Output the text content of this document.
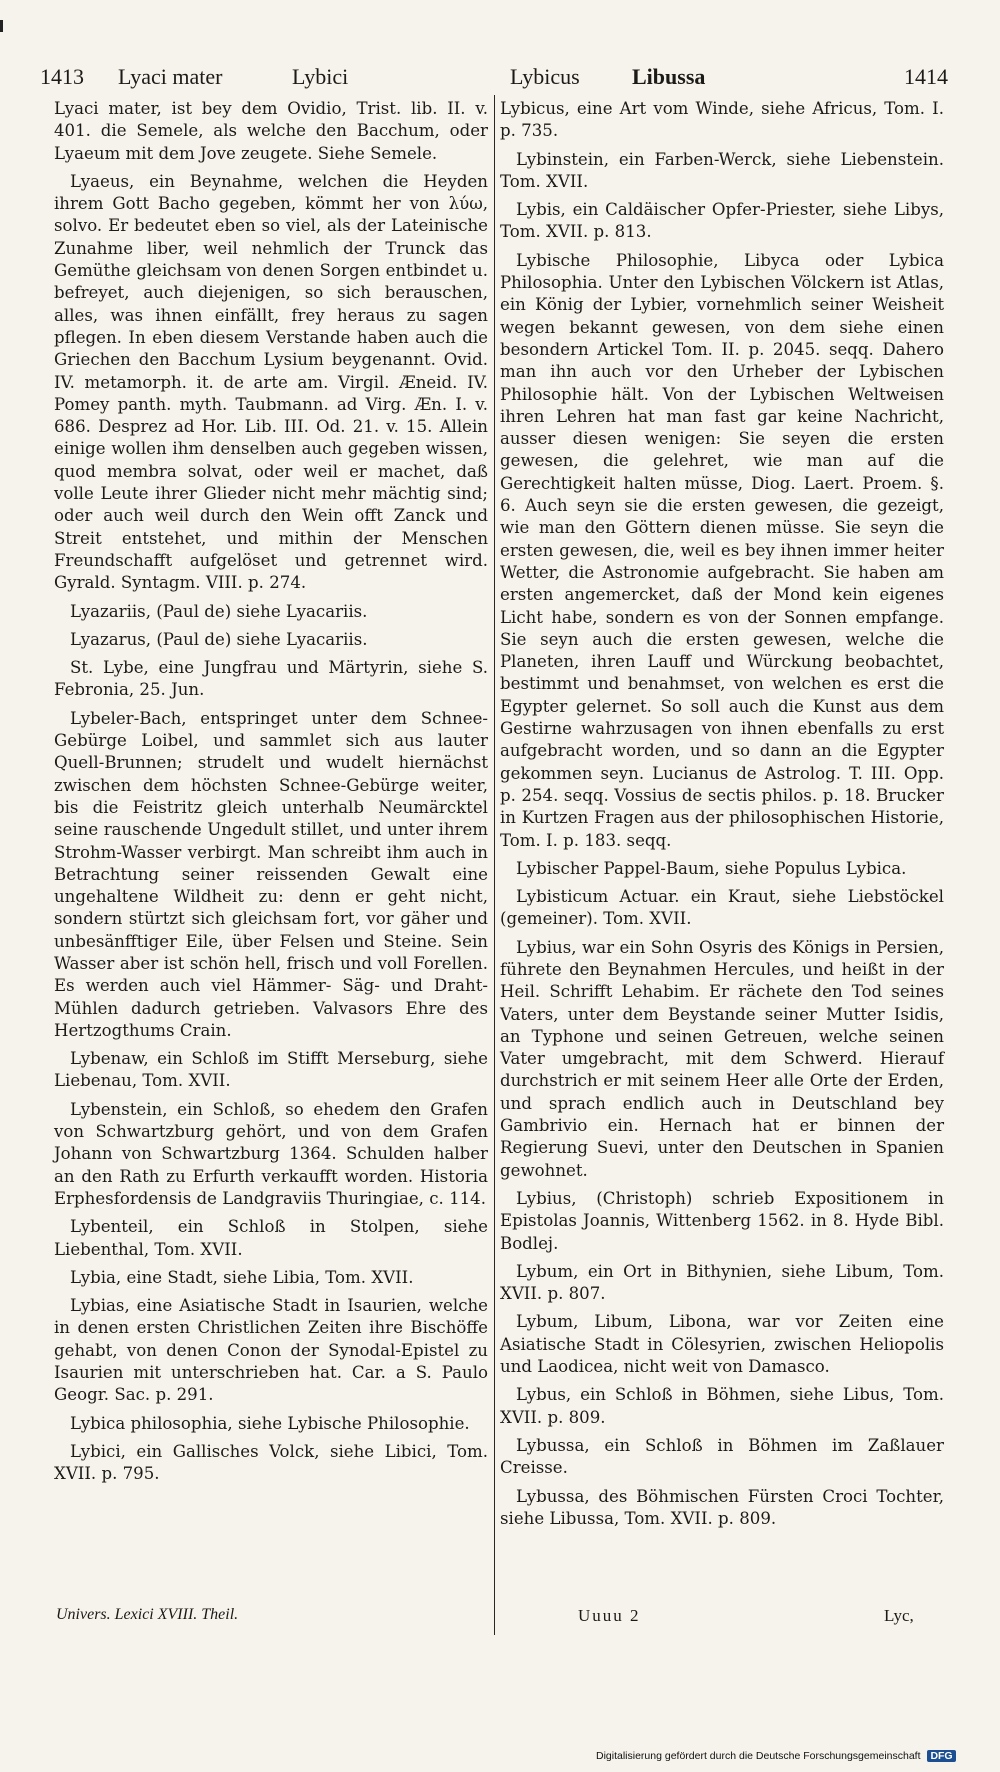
1413 Lyaci mater	Lybici	Lybicus Libussa	1414

Lyaci mater, ist bey dem Ovidio, Trist. lib. II. v. 401. die Semele, als welche den Bacchum, oder Lyaeum mit dem Jove zeugete. Siehe Semele.

Lyaeus, ein Beynahme, welchen die Heyden ihrem Gott Bacho gegeben, kömmt her von λύω, solvo. Er bedeutet eben so viel, als der Lateinische Zunahme liber, weil nehmlich der Trunck das Gemüthe gleichsam von denen Sorgen entbindet u. befreyet, auch diejenigen, so sich berauschen, alles, was ihnen einfällt, frey heraus zu sagen pflegen. In eben diesem Verstande haben auch die Griechen den Bacchum Lysium beygenannt. Ovid. IV. metamorph. it. de arte am. Virgil. Æneid. IV. Pomey panth. myth. Taubmann. ad Virg. Æn. I. v. 686. Desprez ad Hor. Lib. III. Od. 21. v. 15. Allein einige wollen ihm denselben auch gegeben wissen, quod membra solvat, oder weil er machet, daß volle Leute ihrer Glieder nicht mehr mächtig sind; oder auch weil durch den Wein offt Zanck und Streit entstehet, und mithin der Menschen Freundschafft aufgelöset und getrennet wird. Gyrald. Syntagm. VIII. p. 274.

Lyazariis, (Paul de) siehe Lyacariis.

Lyazarus, (Paul de) siehe Lyacariis.

St. Lybe, eine Jungfrau und Märtyrin, siehe S. Febronia, 25. Jun.

Lybeler-Bach, entspringet unter dem Schnee-Gebürge Loibel, und sammlet sich aus lauter Quell-Brunnen; strudelt und wudelt hiernächst zwischen dem höchsten Schnee-Gebürge weiter, bis die Feistritz gleich unterhalb Neumärcktel seine rauschende Ungedult stillet, und unter ihrem Strohm-Wasser verbirgt. Man schreibt ihm auch in Betrachtung seiner reissenden Gewalt eine ungehaltene Wildheit zu: denn er geht nicht, sondern stürtzt sich gleichsam fort, vor gäher und unbesänfftiger Eile, über Felsen und Steine. Sein Wasser aber ist schön hell, frisch und voll Forellen. Es werden auch viel Hämmer- Säg- und Draht-Mühlen dadurch getrieben. Valvasors Ehre des Hertzogthums Crain.

Lybenaw, ein Schloß im Stifft Merseburg, siehe Liebenau, Tom. XVII.

Lybenstein, ein Schloß, so ehedem den Grafen von Schwartzburg gehört, und von dem Grafen Johann von Schwartzburg 1364. Schulden halber an den Rath zu Erfurth verkaufft worden. Historia Erphesfordensis de Landgraviis Thuringiae, c. 114.

Lybenteil, ein Schloß in Stolpen, siehe Liebenthal, Tom. XVII.

Lybia, eine Stadt, siehe Libia, Tom. XVII.

Lybias, eine Asiatische Stadt in Isaurien, welche in denen ersten Christlichen Zeiten ihre Bischöffe gehabt, von denen Conon der Synodal-Epistel zu Isaurien mit unterschrieben hat. Car. a S. Paulo Geogr. Sac. p. 291.

Lybica philosophia, siehe Lybische Philosophie.

Lybici, ein Gallisches Volck, siehe Libici, Tom. XVII. p. 795.

Lybicus, eine Art vom Winde, siehe Africus, Tom. I. p. 735.

Lybinstein, ein Farben-Werck, siehe Liebenstein. Tom. XVII.

Lybis, ein Caldäischer Opfer-Priester, siehe Libys, Tom. XVII. p. 813.

Lybische Philosophie, Libyca oder Lybica Philosophia. Unter den Lybischen Völckern ist Atlas, ein König der Lybier, vornehmlich seiner Weisheit wegen bekannt gewesen, von dem siehe einen besondern Artickel Tom. II. p. 2045. seqq. Dahero man ihn auch vor den Urheber der Lybischen Philosophie hält. Von der Lybischen Weltweisen ihren Lehren hat man fast gar keine Nachricht, ausser diesen wenigen: Sie seyen die ersten gewesen, die gelehret, wie man auf die Gerechtigkeit halten müsse, Diog. Laert. Proem. §. 6. Auch seyn sie die ersten gewesen, die gezeigt, wie man den Göttern dienen müsse. Sie seyn die ersten gewesen, die, weil es bey ihnen immer heiter Wetter, die Astronomie aufgebracht. Sie haben am ersten angemercket, daß der Mond kein eigenes Licht habe, sondern es von der Sonnen empfange. Sie seyn auch die ersten gewesen, welche die Planeten, ihren Lauff und Würckung beobachtet, bestimmt und benahmset, von welchen es erst die Egypter gelernet. So soll auch die Kunst aus dem Gestirne wahrzusagen von ihnen ebenfalls zu erst aufgebracht worden, und so dann an die Egypter gekommen seyn. Lucianus de Astrolog. T. III. Opp. p. 254. seqq. Vossius de sectis philos. p. 18. Brucker in Kurtzen Fragen aus der philosophischen Historie, Tom. I. p. 183. seqq.

Lybischer Pappel-Baum, siehe Populus Lybica.

Lybisticum Actuar. ein Kraut, siehe Liebstöckel (gemeiner). Tom. XVII.

Lybius, war ein Sohn Osyris des Königs in Persien, führete den Beynahmen Hercules, und heißt in der Heil. Schrifft Lehabim. Er rächete den Tod seines Vaters, unter dem Beystande seiner Mutter Isidis, an Typhone und seinen Getreuen, welche seinen Vater umgebracht, mit dem Schwerd. Hierauf durchstrich er mit seinem Heer alle Orte der Erden, und sprach endlich auch in Deutschland bey Gambrivio ein. Hernach hat er binnen der Regierung Suevi, unter den Deutschen in Spanien gewohnet.

Lybius, (Christoph) schrieb Expositionem in Epistolas Joannis, Wittenberg 1562. in 8. Hyde Bibl. Bodlej.

Lybum, ein Ort in Bithynien, siehe Libum, Tom. XVII. p. 807.

Lybum, Libum, Libona, war vor Zeiten eine Asiatische Stadt in Cölesyrien, zwischen Heliopolis und Laodicea, nicht weit von Damasco.

Lybus, ein Schloß in Böhmen, siehe Libus, Tom. XVII. p. 809.

Lybussa, ein Schloß in Böhmen im Zaßlauer Creisse.

Lybussa, des Böhmischen Fürsten Croci Tochter, siehe Libussa, Tom. XVII. p. 809.

Univers. Lexici XVIII. Theil.	Uuuu 2	Lyc,
Digitalisierung gefördert durch die Deutsche Forschungsgemeinschaft DFG
